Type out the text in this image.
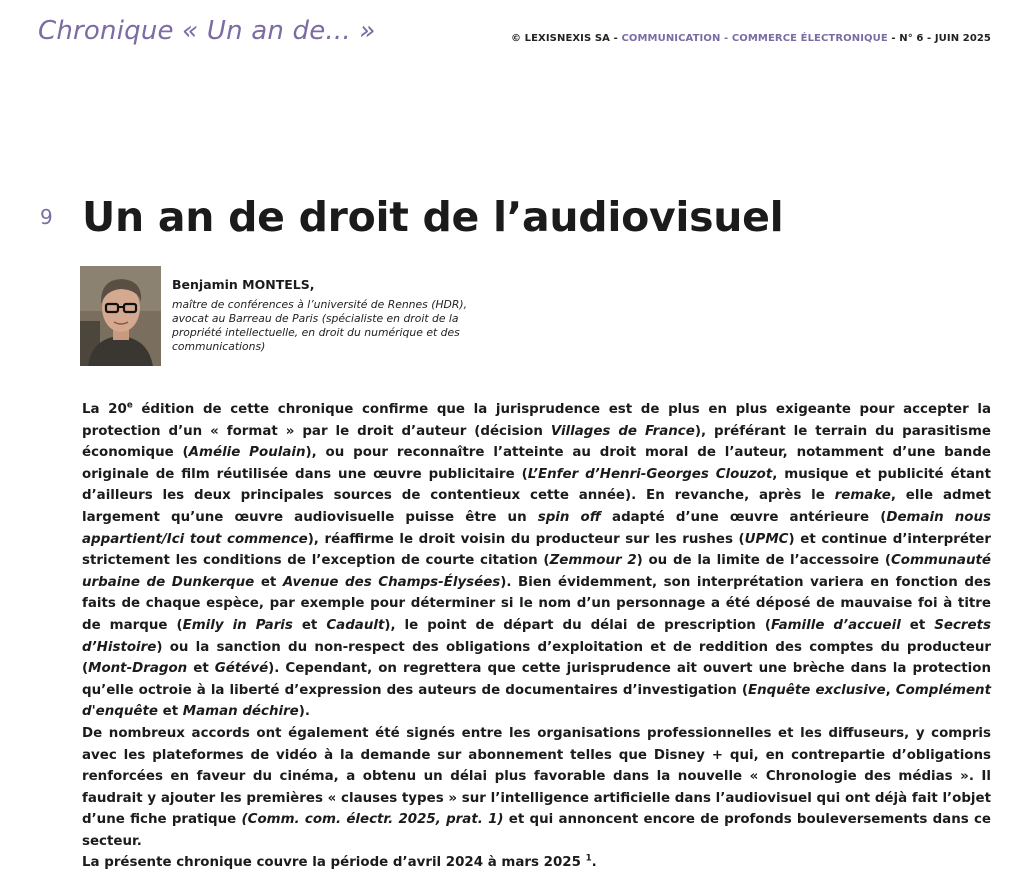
Chronique « Un an de... »	© LEXISNEXIS SA - COMMUNICATION - COMMERCE ÉLECTRONIQUE - N° 6 - JUIN 2025
9 Un an de droit de l’audiovisuel
Benjamin MONTELS,
maître de conférences à l’université de Rennes (HDR), avocat au Barreau de Paris (spécialiste en droit de la propriété intellectuelle, en droit du numérique et des communications)

La 20e édition de cette chronique confirme que la jurisprudence est de plus en plus exigeante pour accepter la protection d’un « format » par le droit d’auteur (décision Villages de France), préférant le terrain du parasitisme économique (Amélie Poulain), ou pour reconnaître l’atteinte au droit moral de l’auteur, notamment d’une bande originale de film réutilisée dans une œuvre publicitaire (L’Enfer d’Henri-Georges Clouzot, musique et publicité étant d’ailleurs les deux principales sources de contentieux cette année). En revanche, après le remake, elle admet largement qu’une œuvre audiovisuelle puisse être un spin off adapté d’une œuvre antérieure (Demain nous appartient/Ici tout commence), réaffirme le droit voisin du producteur sur les rushes (UPMC) et continue d’interpréter strictement les conditions de l’exception de courte citation (Zemmour 2) ou de la limite de l’accessoire (Communauté urbaine de Dunkerque et Avenue des Champs-Élysées). Bien évidemment, son interprétation variera en fonction des faits de chaque espèce, par exemple pour déterminer si le nom d’un personnage a été déposé de mauvaise foi à titre de marque (Emily in Paris et Cadault), le point de départ du délai de prescription (Famille d’accueil et Secrets d’Histoire) ou la sanction du non-respect des obligations d’exploitation et de reddition des comptes du producteur (Mont-Dragon et Gétévé). Cependant, on regrettera que cette jurisprudence ait ouvert une brèche dans la protection qu’elle octroie à la liberté d’expression des auteurs de documentaires d’investigation (Enquête exclusive, Complément d'enquête et Maman déchire).

De nombreux accords ont également été signés entre les organisations professionnelles et les diffuseurs, y compris avec les plateformes de vidéo à la demande sur abonnement telles que Disney + qui, en contrepartie d’obligations renforcées en faveur du cinéma, a obtenu un délai plus favorable dans la nouvelle « Chronologie des médias ». Il faudrait y ajouter les premières « clauses types » sur l’intelligence artificielle dans l’audiovisuel qui ont déjà fait l’objet d’une fiche pratique (Comm. com. électr. 2025, prat. 1) et qui annoncent encore de profonds bouleversements dans ce secteur.

La présente chronique couvre la période d’avril 2024 à mars 2025 $^1$.
